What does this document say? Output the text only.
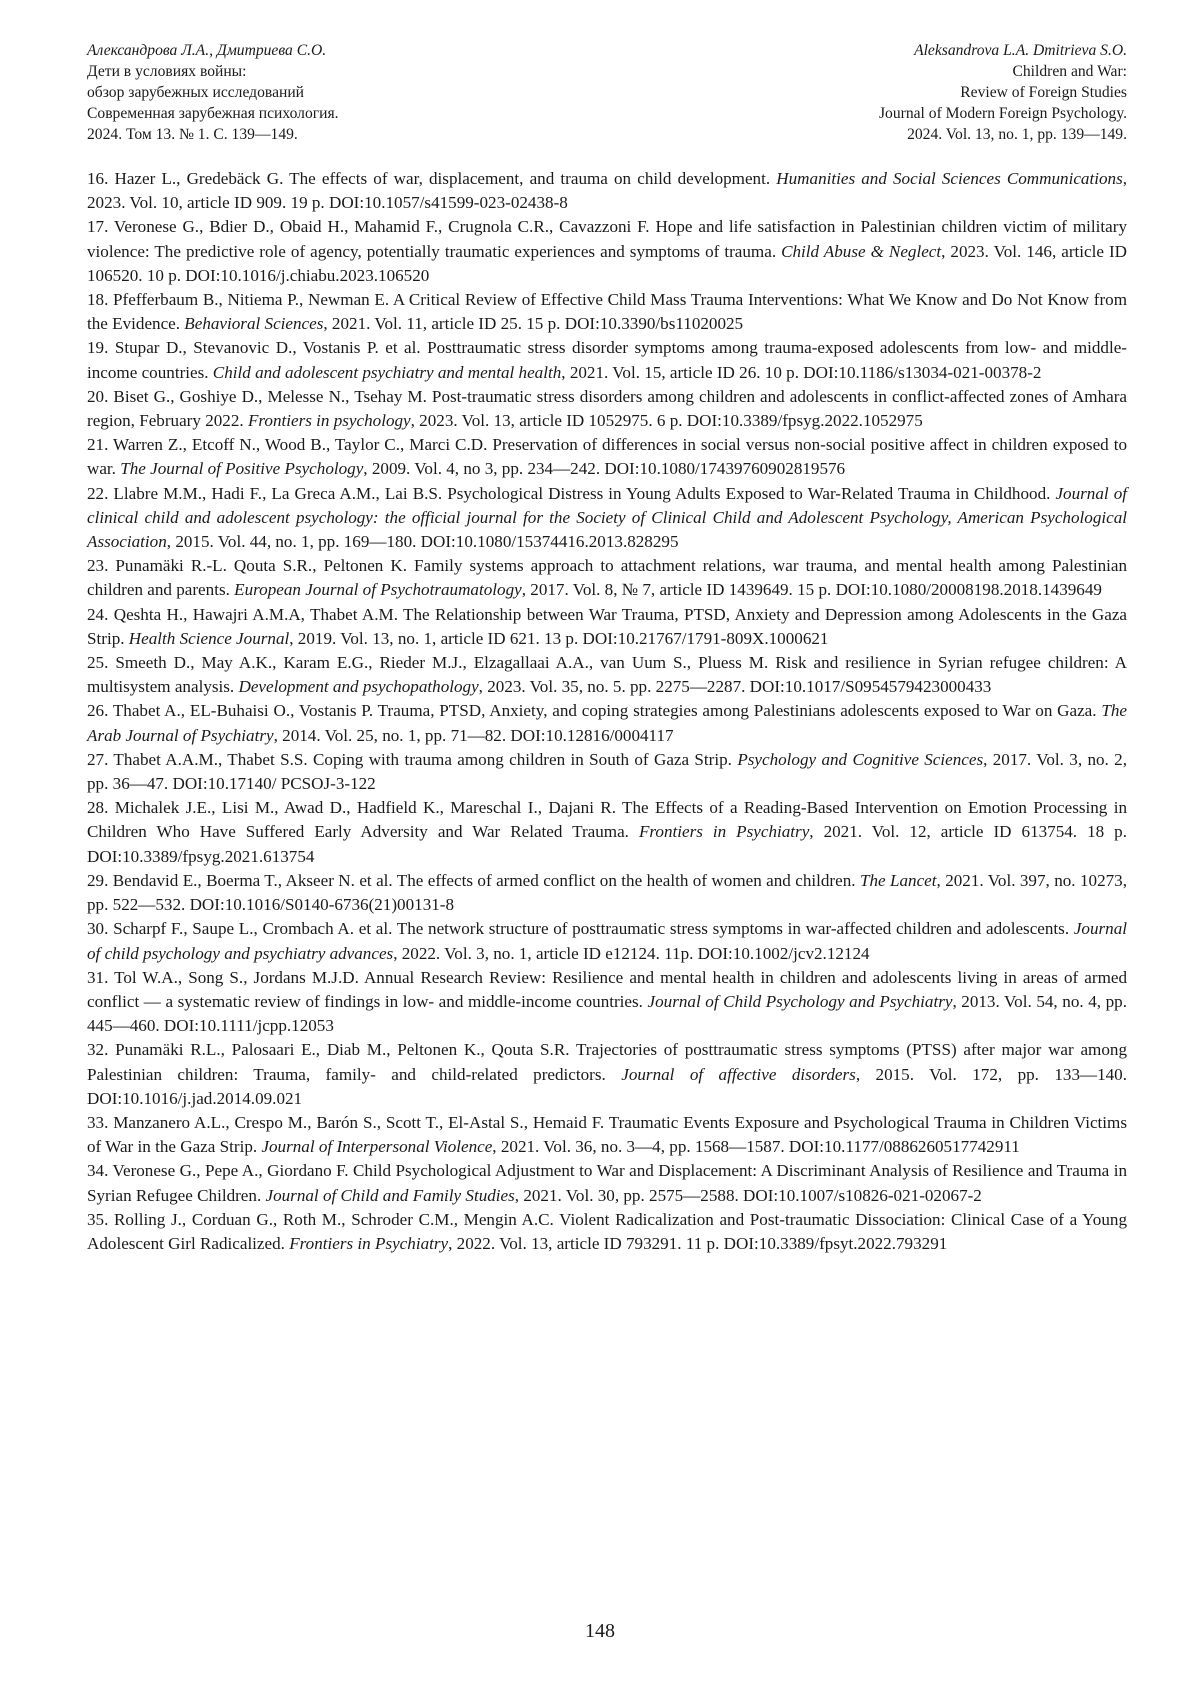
Александрова Л.А., Дмитриева С.О.
Дети в условиях войны:
обзор зарубежных исследований
Современная зарубежная психология.
2024. Том 13. № 1. С. 139—149.
Aleksandrova L.A. Dmitrieva S.O.
Children and War:
Review of Foreign Studies
Journal of Modern Foreign Psychology.
2024. Vol. 13, no. 1, pp. 139—149.

16. Hazer L., Gredebäck G. The effects of war, displacement, and trauma on child development. Humanities and Social Sciences Communications, 2023. Vol. 10, article ID 909. 19 p. DOI:10.1057/s41599-023-02438-8

17. Veronese G., Bdier D., Obaid H., Mahamid F., Crugnola C.R., Cavazzoni F. Hope and life satisfaction in Palestinian children victim of military violence: The predictive role of agency, potentially traumatic experiences and symptoms of trauma. Child Abuse & Neglect, 2023. Vol. 146, article ID 106520. 10 p. DOI:10.1016/j.chiabu.2023.106520

18. Pfefferbaum B., Nitiema P., Newman E. A Critical Review of Effective Child Mass Trauma Interventions: What We Know and Do Not Know from the Evidence. Behavioral Sciences, 2021. Vol. 11, article ID 25. 15 p. DOI:10.3390/bs11020025

19. Stupar D., Stevanovic D., Vostanis P. et al. Posttraumatic stress disorder symptoms among trauma-exposed adolescents from low- and middle-income countries. Child and adolescent psychiatry and mental health, 2021. Vol. 15, article ID 26. 10 p. DOI:10.1186/s13034-021-00378-2

20. Biset G., Goshiye D., Melesse N., Tsehay M. Post-traumatic stress disorders among children and adolescents in conflict-affected zones of Amhara region, February 2022. Frontiers in psychology, 2023. Vol. 13, article ID 1052975. 6 p. DOI:10.3389/fpsyg.2022.1052975

21. Warren Z., Etcoff N., Wood B., Taylor C., Marci C.D. Preservation of differences in social versus non-social positive affect in children exposed to war. The Journal of Positive Psychology, 2009. Vol. 4, no 3, pp. 234—242. DOI:10.1080/17439760902819576

22. Llabre M.M., Hadi F., La Greca A.M., Lai B.S. Psychological Distress in Young Adults Exposed to War-Related Trauma in Childhood. Journal of clinical child and adolescent psychology: the official journal for the Society of Clinical Child and Adolescent Psychology, American Psychological Association, 2015. Vol. 44, no. 1, pp. 169—180. DOI:10.1080/15374416.2013.828295

23. Punamäki R.-L. Qouta S.R., Peltonen K. Family systems approach to attachment relations, war trauma, and mental health among Palestinian children and parents. European Journal of Psychotraumatology, 2017. Vol. 8, № 7, article ID 1439649. 15 p. DOI:10.1080/20008198.2018.1439649

24. Qeshta H., Hawajri A.M.A, Thabet A.M. The Relationship between War Trauma, PTSD, Anxiety and Depression among Adolescents in the Gaza Strip. Health Science Journal, 2019. Vol. 13, no. 1, article ID 621. 13 p. DOI:10.21767/1791-809X.1000621

25. Smeeth D., May A.K., Karam E.G., Rieder M.J., Elzagallaai A.A., van Uum S., Pluess M. Risk and resilience in Syrian refugee children: A multisystem analysis. Development and psychopathology, 2023. Vol. 35, no. 5. pp. 2275—2287. DOI:10.1017/S0954579423000433

26. Thabet A., EL-Buhaisi O., Vostanis P. Trauma, PTSD, Anxiety, and coping strategies among Palestinians adolescents exposed to War on Gaza. The Arab Journal of Psychiatry, 2014. Vol. 25, no. 1, pp. 71—82. DOI:10.12816/0004117

27. Thabet A.A.M., Thabet S.S. Coping with trauma among children in South of Gaza Strip. Psychology and Cognitive Sciences, 2017. Vol. 3, no. 2, pp. 36—47. DOI:10.17140/ PCSOJ-3-122

28. Michalek J.E., Lisi M., Awad D., Hadfield K., Mareschal I., Dajani R. The Effects of a Reading-Based Intervention on Emotion Processing in Children Who Have Suffered Early Adversity and War Related Trauma. Frontiers in Psychiatry, 2021. Vol. 12, article ID 613754. 18 p. DOI:10.3389/fpsyg.2021.613754

29. Bendavid E., Boerma T., Akseer N. et al. The effects of armed conflict on the health of women and children. The Lancet, 2021. Vol. 397, no. 10273, pp. 522—532. DOI:10.1016/S0140-6736(21)00131-8

30. Scharpf F., Saupe L., Crombach A. et al. The network structure of posttraumatic stress symptoms in war-affected children and adolescents. Journal of child psychology and psychiatry advances, 2022. Vol. 3, no. 1, article ID e12124. 11p. DOI:10.1002/jcv2.12124

31. Tol W.A., Song S., Jordans M.J.D. Annual Research Review: Resilience and mental health in children and adolescents living in areas of armed conflict — a systematic review of findings in low- and middle-income countries. Journal of Child Psychology and Psychiatry, 2013. Vol. 54, no. 4, pp. 445—460. DOI:10.1111/jcpp.12053

32. Punamäki R.L., Palosaari E., Diab M., Peltonen K., Qouta S.R. Trajectories of posttraumatic stress symptoms (PTSS) after major war among Palestinian children: Trauma, family- and child-related predictors. Journal of affective disorders, 2015. Vol. 172, pp. 133—140. DOI:10.1016/j.jad.2014.09.021

33. Manzanero A.L., Crespo M., Barón S., Scott T., El-Astal S., Hemaid F. Traumatic Events Exposure and Psychological Trauma in Children Victims of War in the Gaza Strip. Journal of Interpersonal Violence, 2021. Vol. 36, no. 3—4, pp. 1568—1587. DOI:10.1177/0886260517742911

34. Veronese G., Pepe A., Giordano F. Child Psychological Adjustment to War and Displacement: A Discriminant Analysis of Resilience and Trauma in Syrian Refugee Children. Journal of Child and Family Studies, 2021. Vol. 30, pp. 2575—2588. DOI:10.1007/s10826-021-02067-2

35. Rolling J., Corduan G., Roth M., Schroder C.M., Mengin A.C. Violent Radicalization and Post-traumatic Dissociation: Clinical Case of a Young Adolescent Girl Radicalized. Frontiers in Psychiatry, 2022. Vol. 13, article ID 793291. 11 p. DOI:10.3389/fpsyt.2022.793291

148
